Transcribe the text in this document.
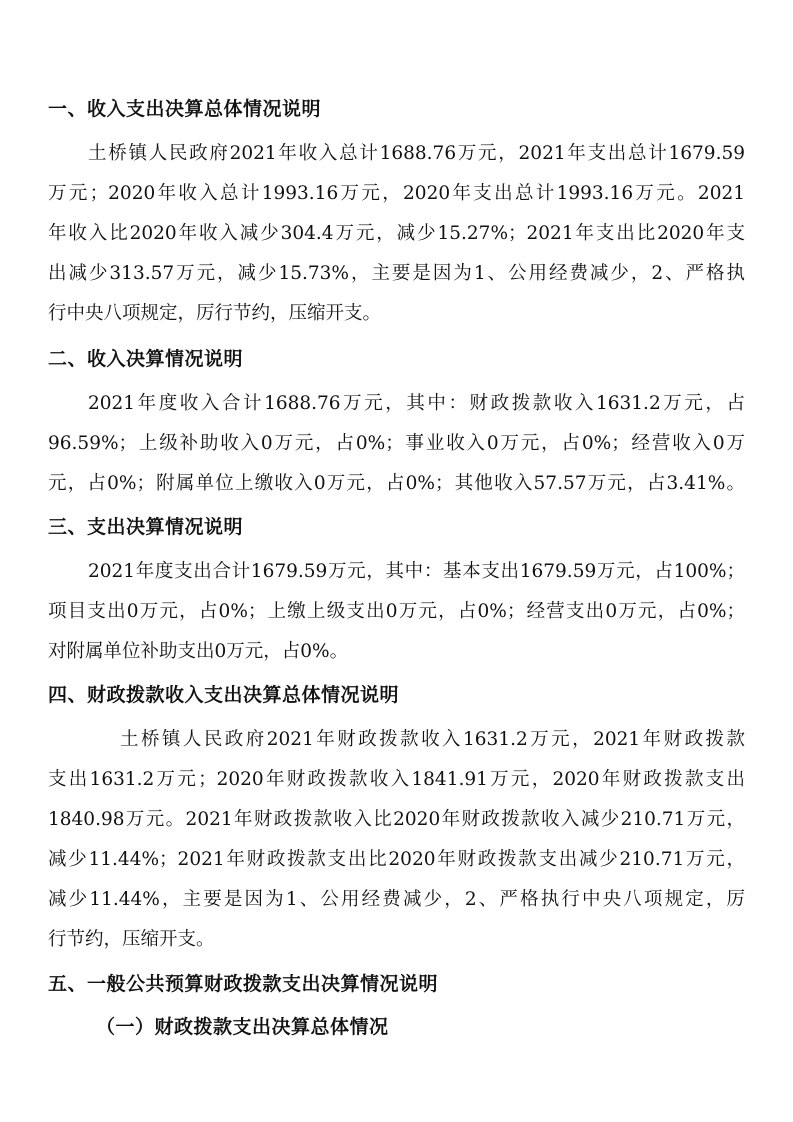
一、收入支出决算总体情况说明
土桥镇人民政府2021年收入总计1688.76万元，2021年支出总计1679.59
万元；2020年收入总计1993.16万元，2020年支出总计1993.16万元。2021
年收入比2020年收入减少304.4万元，减少15.27%；2021年支出比2020年支
出减少313.57万元，减少15.73%，主要是因为1、公用经费减少，2、严格执
行中央八项规定，厉行节约，压缩开支。
二、收入决算情况说明
2021年度收入合计1688.76万元，其中：财政拨款收入1631.2万元，占
96.59%；上级补助收入0万元，占0%；事业收入0万元，占0%；经营收入0万
元，占0%；附属单位上缴收入0万元，占0%；其他收入57.57万元，占3.41%。
三、支出决算情况说明
2021年度支出合计1679.59万元，其中：基本支出1679.59万元，占100%；
项目支出0万元，占0%；上缴上级支出0万元，占0%；经营支出0万元，占0%；
对附属单位补助支出0万元，占0%。
四、财政拨款收入支出决算总体情况说明
土桥镇人民政府2021年财政拨款收入1631.2万元，2021年财政拨款
支出1631.2万元；2020年财政拨款收入1841.91万元，2020年财政拨款支出
1840.98万元。2021年财政拨款收入比2020年财政拨款收入减少210.71万元，
减少11.44%；2021年财政拨款支出比2020年财政拨款支出减少210.71万元，
减少11.44%，主要是因为1、公用经费减少，2、严格执行中央八项规定，厉
行节约，压缩开支。
五、一般公共预算财政拨款支出决算情况说明
（一）财政拨款支出决算总体情况
